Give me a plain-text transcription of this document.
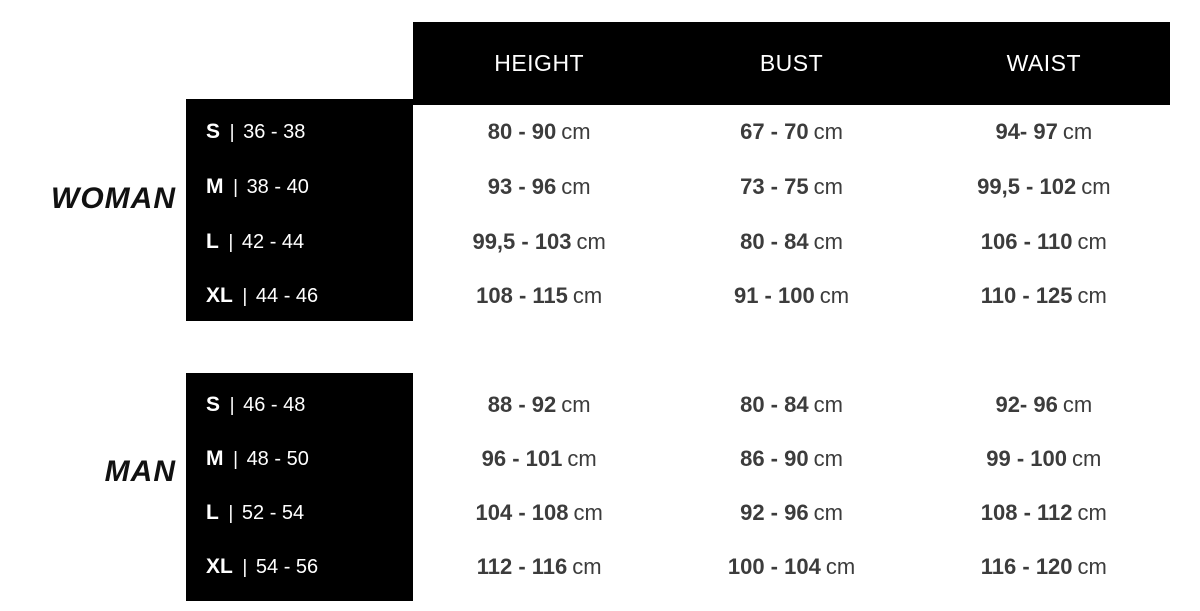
HEIGHT	BUST	WAIST
WOMAN
MAN
S | 36 - 38	80 - 90 cm	67 - 70 cm	94- 97 cm
M | 38 - 40	93 - 96 cm	73 - 75 cm	99,5 - 102 cm
L | 42 - 44	99,5 - 103 cm	80 - 84 cm	106 - 110 cm
XL | 44 - 46	108 - 115 cm	91 - 100 cm	110 - 125 cm
S | 46 - 48	88 - 92 cm	80 - 84 cm	92- 96 cm
M | 48 - 50	96 - 101 cm	86 - 90 cm	99 - 100 cm
L | 52 - 54	104 - 108 cm	92 - 96 cm	108 - 112 cm
XL | 54 - 56	112 - 116 cm	100 - 104 cm	116 - 120 cm
